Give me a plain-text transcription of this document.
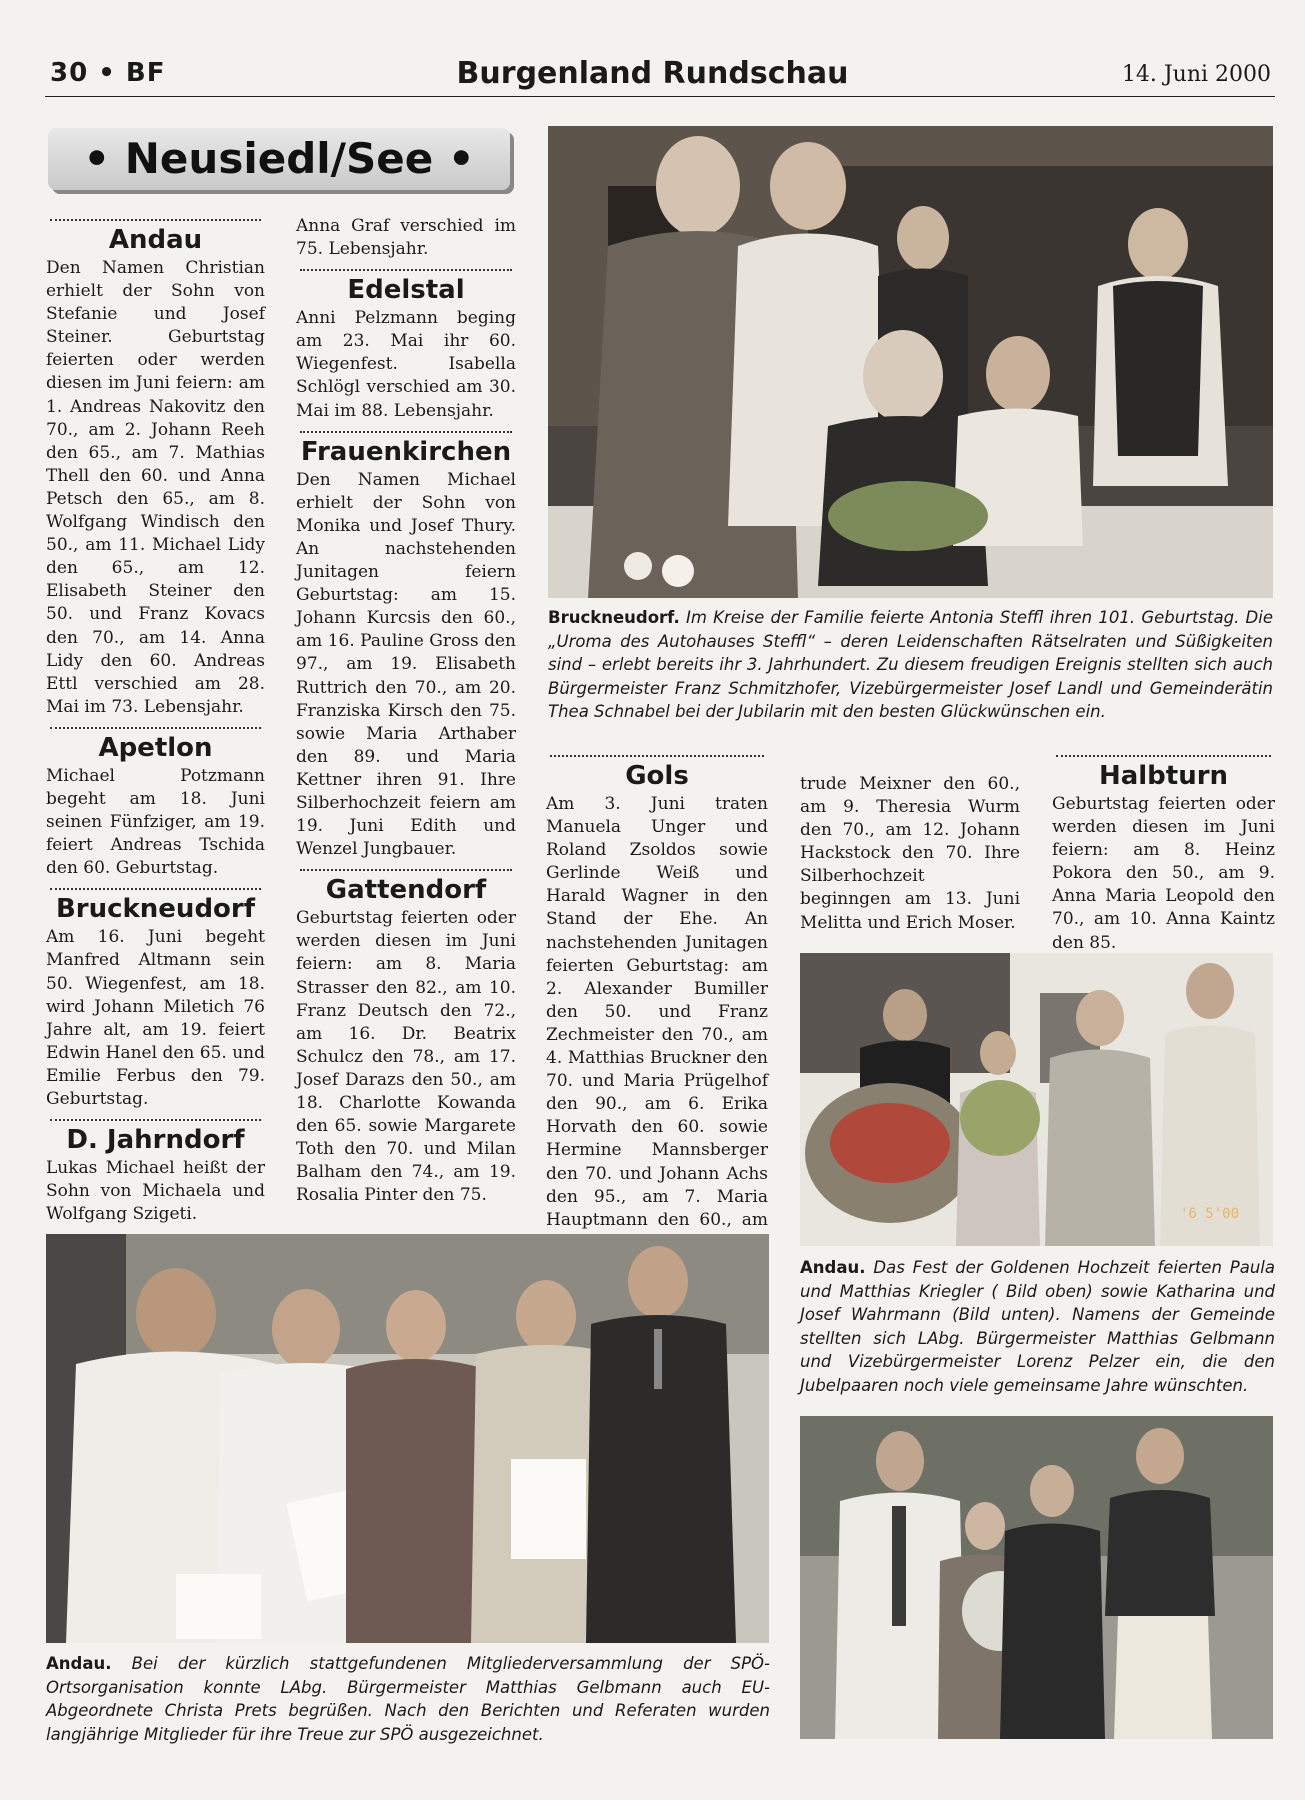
30 • BF	Burgenland Rundschau	14. Juni 2000
• Neusiedl/See •
Andau

Den Namen Christian erhielt der Sohn von Stefanie und Josef Steiner. Geburtstag feierten oder werden diesen im Juni feiern: am 1. Andreas Nakovitz den 70., am 2. Johann Reeh den 65., am 7. Mathias Thell den 60. und Anna Petsch den 65., am 8. Wolfgang Windisch den 50., am 11. Michael Lidy den 65., am 12. Elisabeth Steiner den 50. und Franz Kovacs den 70., am 14. Anna Lidy den 60. Andreas Ettl verschied am 28. Mai im 73. Lebensjahr.

Apetlon

Michael Potzmann begeht am 18. Juni seinen Fünfziger, am 19. feiert Andreas Tschida den 60. Geburtstag.

Bruckneudorf

Am 16. Juni begeht Manfred Altmann sein 50. Wiegenfest, am 18. wird Johann Miletich 76 Jahre alt, am 19. feiert Edwin Hanel den 65. und Emilie Ferbus den 79. Geburtstag.

D. Jahrndorf

Lukas Michael heißt der Sohn von Michaela und Wolfgang Szigeti.

Anna Graf verschied im 75. Lebensjahr.

Edelstal

Anni Pelzmann beging am 23. Mai ihr 60. Wiegenfest. Isabella Schlögl verschied am 30. Mai im 88. Lebensjahr.

Frauenkirchen

Den Namen Michael erhielt der Sohn von Monika und Josef Thury. An nachstehenden Junitagen feiern Geburtstag: am 15. Johann Kurcsis den 60., am 16. Pauline Gross den 97., am 19. Elisabeth Ruttrich den 70., am 20. Franziska Kirsch den 75. sowie Maria Arthaber den 89. und Maria Kettner ihren 91. Ihre Silberhochzeit feiern am 19. Juni Edith und Wenzel Jungbauer.

Gattendorf

Geburtstag feierten oder werden diesen im Juni feiern: am 8. Maria Strasser den 82., am 10. Franz Deutsch den 72., am 16. Dr. Beatrix Schulcz den 78., am 17. Josef Darazs den 50., am 18. Charlotte Kowanda den 65. sowie Margarete Toth den 70. und Milan Balham den 74., am 19. Rosalia Pinter den 75.

Bruckneudorf. Im Kreise der Familie feierte Antonia Steffl ihren 101. Geburtstag. Die „Uroma des Autohauses Steffl“ – deren Leidenschaften Rätselraten und Süßigkeiten sind – erlebt bereits ihr 3. Jahrhundert. Zu diesem freudigen Ereignis stellten sich auch Bürgermeister Franz Schmitzhofer, Vizebürgermeister Josef Landl und Gemeinderätin Thea Schnabel bei der Jubilarin mit den besten Glückwünschen ein.
Gols

Am 3. Juni traten Manuela Unger und Roland Zsoldos sowie Gerlinde Weiß und Harald Wagner in den Stand der Ehe. An nachstehenden Junitagen feierten Geburtstag: am 2. Alexander Bumiller den 50. und Franz Zechmeister den 70., am 4. Matthias Bruckner den 70. und Maria Prügelhof den 90., am 6. Erika Horvath den 60. sowie Hermine Mannsberger den 70. und Johann Achs den 95., am 7. Maria Hauptmann den 60., am

trude Meixner den 60., am 9. Theresia Wurm den 70., am 12. Johann Hackstock den 70. Ihre Silberhochzeit beginngen am 13. Juni Melitta und Erich Moser.

Halbturn

Geburtstag feierten oder werden diesen im Juni feiern: am 8. Heinz Pokora den 50., am 9. Anna Maria Leopold den 70., am 10. Anna Kaintz den 85.

'6 5'00
Andau. Das Fest der Goldenen Hochzeit feierten Paula und Matthias Kriegler ( Bild oben) sowie Katharina und Josef Wahrmann (Bild unten). Namens der Gemeinde stellten sich LAbg. Bürgermeister Matthias Gelbmann und Vizebürgermeister Lorenz Pelzer ein, die den Jubelpaaren noch viele gemeinsame Jahre wünschten.
Andau. Bei der kürzlich stattgefundenen Mitgliederversammlung der SPÖ-Ortsorganisation konnte LAbg. Bürgermeister Matthias Gelbmann auch EU-Abgeordnete Christa Prets begrüßen. Nach den Berichten und Referaten wurden langjährige Mitglieder für ihre Treue zur SPÖ ausgezeichnet.
